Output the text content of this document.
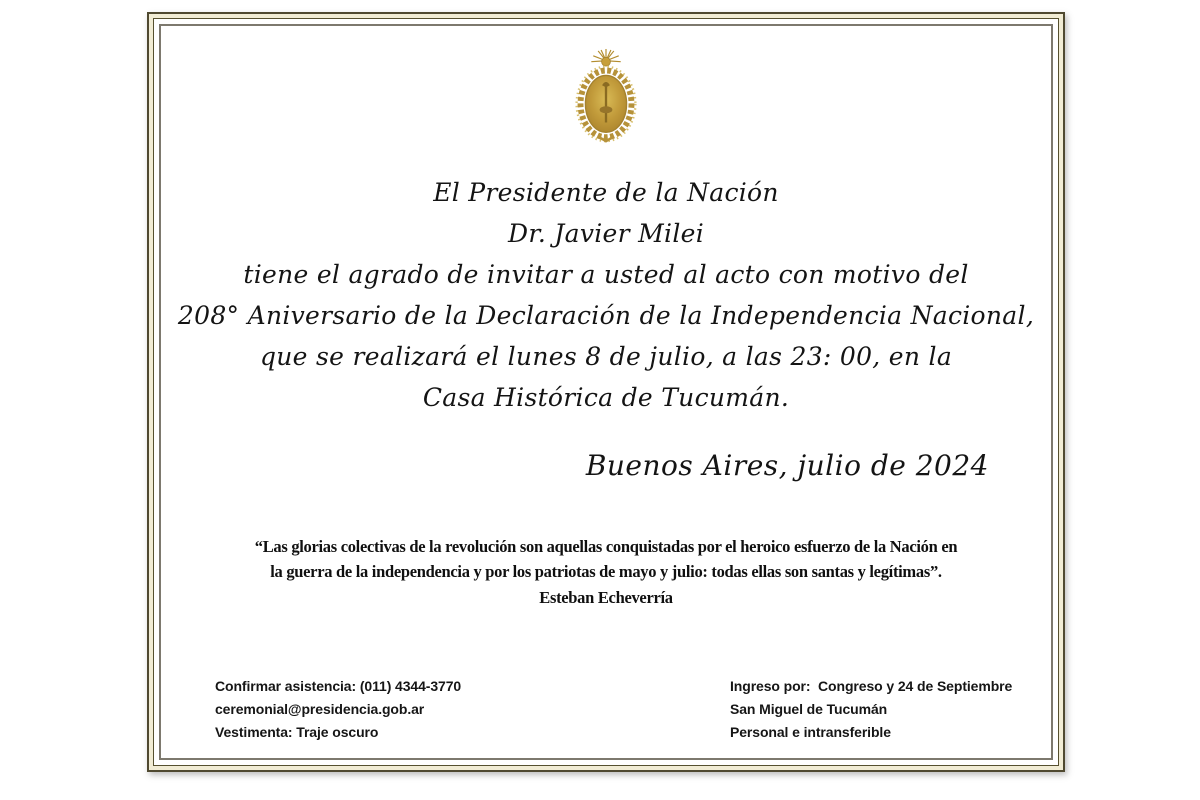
El Presidente de la Nación
Dr. Javier Milei
tiene el agrado de invitar a usted al acto con motivo del
208° Aniversario de la Declaración de la Independencia Nacional,
que se realizará el lunes 8 de julio, a las 23: 00, en la
Casa Histórica de Tucumán.
Buenos Aires, julio de 2024
“Las glorias colectivas de la revolución son aquellas conquistadas por el heroico esfuerzo de la Nación en
la guerra de la independencia y por los patriotas de mayo y julio: todas ellas son santas y legítimas”.
Esteban Echeverría
Confirmar asistencia: (011) 4344-3770
ceremonial@presidencia.gob.ar
Vestimenta: Traje oscuro
Ingreso por:  Congreso y 24 de Septiembre
San Miguel de Tucumán
Personal e intransferible
